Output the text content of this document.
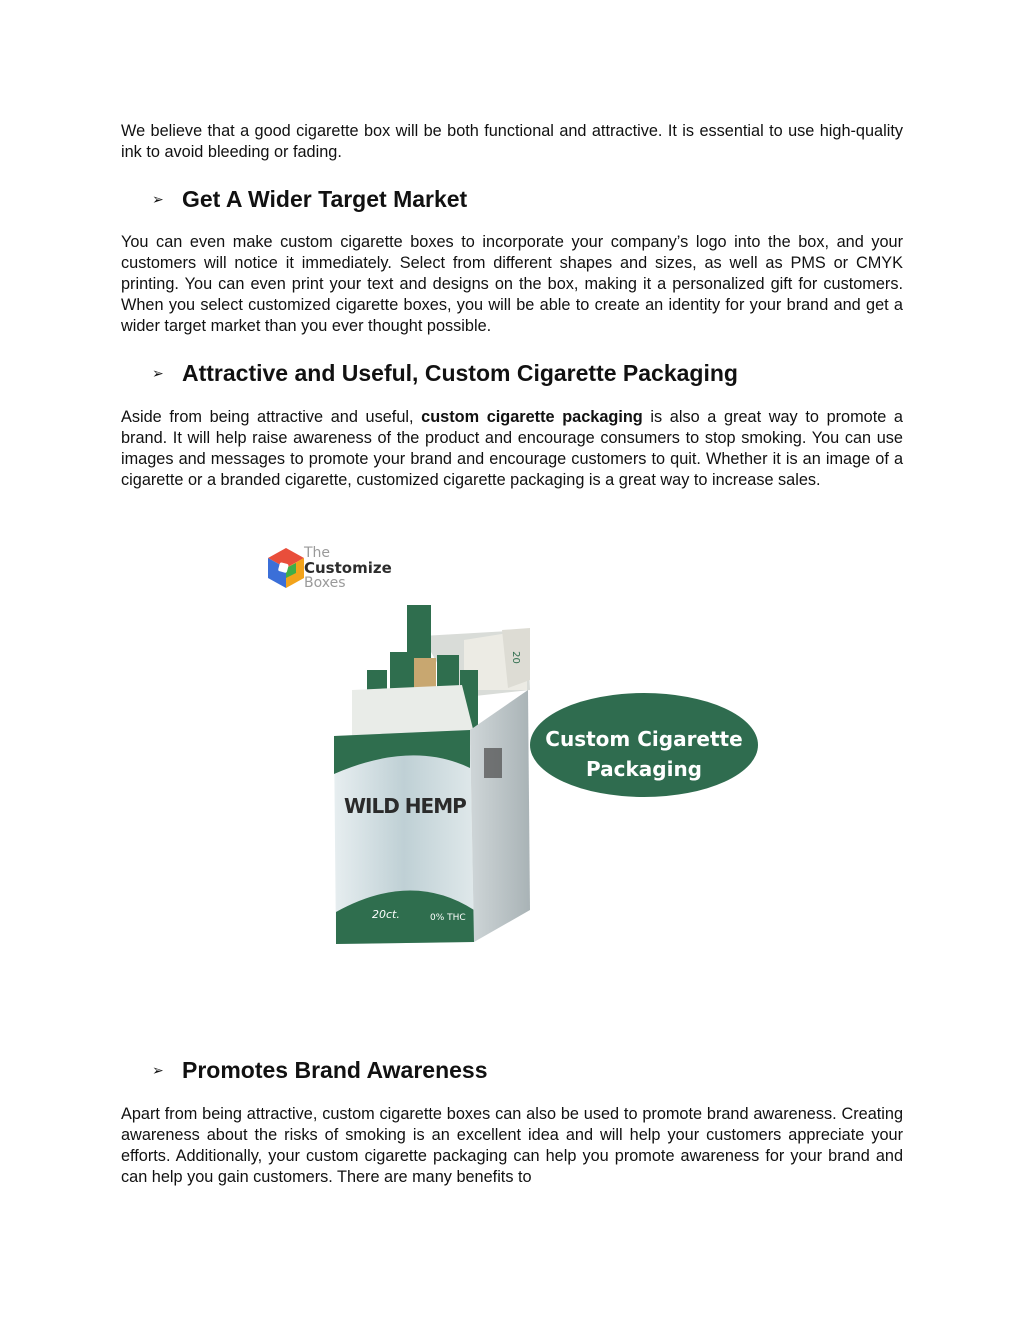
We believe that a good cigarette box will be both functional and attractive. It is essential to use high-quality ink to avoid bleeding or fading.

➢ Get A Wider Target Market

You can even make custom cigarette boxes to incorporate your company’s logo into the box, and your customers will notice it immediately. Select from different shapes and sizes, as well as PMS or CMYK printing. You can even print your text and designs on the box, making it a personalized gift for customers. When you select customized cigarette boxes, you will be able to create an identity for your brand and get a wider target market than you ever thought possible.

➢ Attractive and Useful, Custom Cigarette Packaging

Aside from being attractive and useful, custom cigarette packaging is also a great way to promote a brand. It will help raise awareness of the product and encourage consumers to stop smoking. You can use images and messages to promote your brand and encourage customers to quit. Whether it is an image of a cigarette or a branded cigarette, customized cigarette packaging is a great way to increase sales.

➢ Promotes Brand Awareness

Apart from being attractive, custom cigarette boxes can also be used to promote brand awareness. Creating awareness about the risks of smoking is an excellent idea and will help your customers appreciate your efforts. Additionally, your custom cigarette packaging can help you promote awareness for your brand and can help you gain customers. There are many benefits to

The
Customize
Boxes
WILD HEMP
20ct.	0% THC
20
Custom Cigarette
Packaging
